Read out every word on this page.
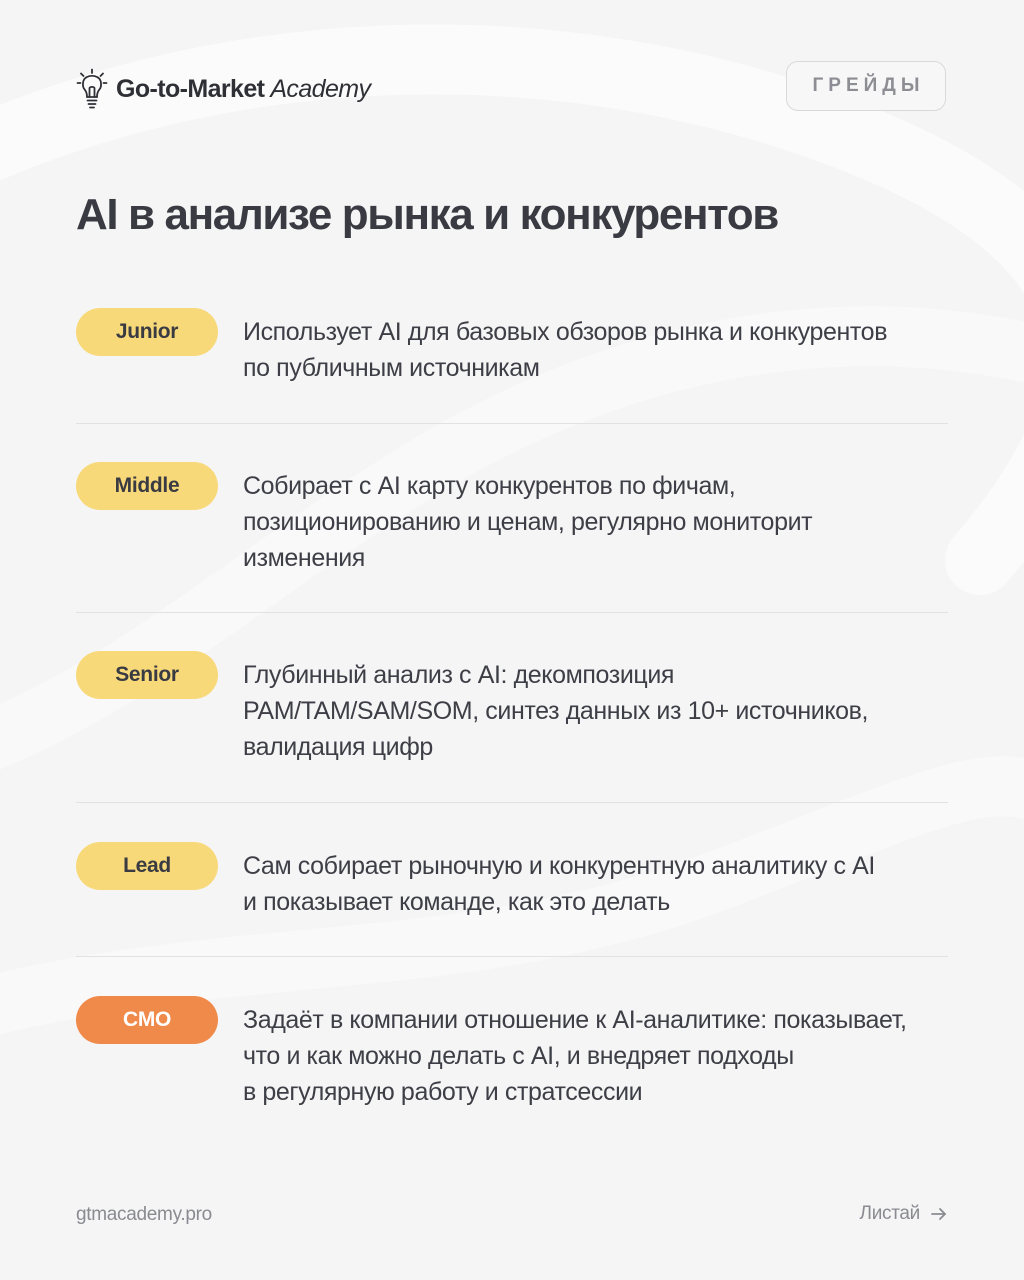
Go-to-Market Academy	ГРЕЙДЫ
AI в анализе рынка и конкурентов
Junior	Использует AI для базовых обзоров рынка и конкурентов
по публичным источникам
Middle	Собирает с AI карту конкурентов по фичам,
позиционированию и ценам, регулярно мониторит
изменения
Senior	Глубинный анализ с AI: декомпозиция
PAM/TAM/SAM/SOM, синтез данных из 10+ источников,
валидация цифр
Lead	Сам собирает рыночную и конкурентную аналитику с AI
и показывает команде, как это делать
CMO	Задаёт в компании отношение к AI-аналитике: показывает,
что и как можно делать с AI, и внедряет подходы
в регулярную работу и стратсессии
gtmacademy.pro	Листай
